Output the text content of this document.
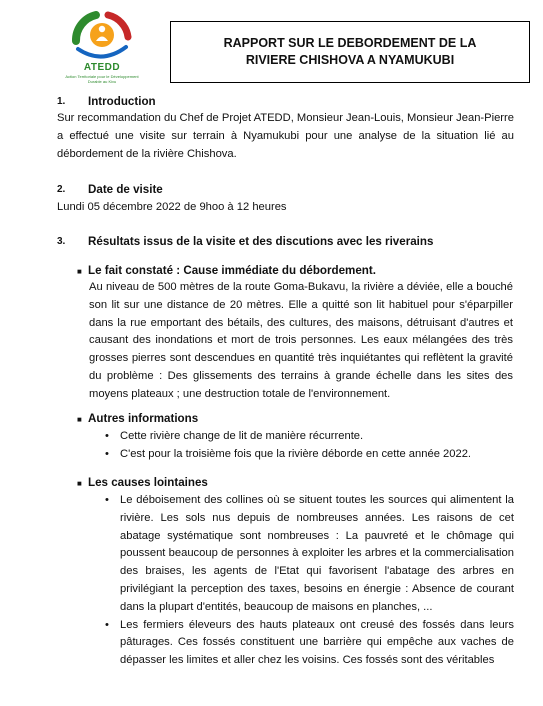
ATEDD
Action Territoriale pour le Développement Durable au Kivu
RAPPORT SUR LE DEBORDEMENT DE LA RIVIERE CHISHOVA A NYAMUKUBI
1.	Introduction
Sur recommandation du Chef de Projet ATEDD, Monsieur Jean-Louis, Monsieur Jean-Pierre a effectué une visite sur terrain à Nyamukubi pour une analyse de la situation lié au débordement de la rivière Chishova.
2.	Date de visite
Lundi 05 décembre 2022 de 9hoo à 12 heures
3.	Résultats issus de la visite et des discutions avec les riverains
■ Le fait constaté : Cause immédiate du débordement.
Au niveau de 500 mètres de la route Goma-Bukavu, la rivière a déviée, elle a bouché son lit sur une distance de 20 mètres. Elle a quitté son lit habituel pour s'éparpiller dans la rue emportant des bétails, des cultures, des maisons, détruisant d'autres et causant des inondations et mort de trois personnes. Les eaux mélangées des très grosses pierres sont descendues en quantité très inquiétantes qui reflètent la gravité du problème : Des glissements des terrains à grande échelle dans les sites des moyens plateaux ; une destruction totale de l'environnement.
■ Autres informations
• Cette rivière change de lit de manière récurrente.
• C'est pour la troisième fois que la rivière déborde en cette année 2022.
■ Les causes lointaines
• Le déboisement des collines où se situent toutes les sources qui alimentent la rivière. Les sols nus depuis de nombreuses années. Les raisons de cet abatage systématique sont nombreuses : La pauvreté et le chômage qui poussent beaucoup de personnes à exploiter les arbres et la commercialisation des braises, les agents de l'Etat qui favorisent l'abatage des arbres en privilégiant la perception des taxes, besoins en énergie : Absence de courant dans la plupart d'entités, beaucoup de maisons en planches, ...
• Les fermiers éleveurs des hauts plateaux ont creusé des fossés dans leurs pâturages. Ces fossés constituent une barrière qui empêche aux vaches de dépasser les limites et aller chez les voisins. Ces fossés sont des véritables
